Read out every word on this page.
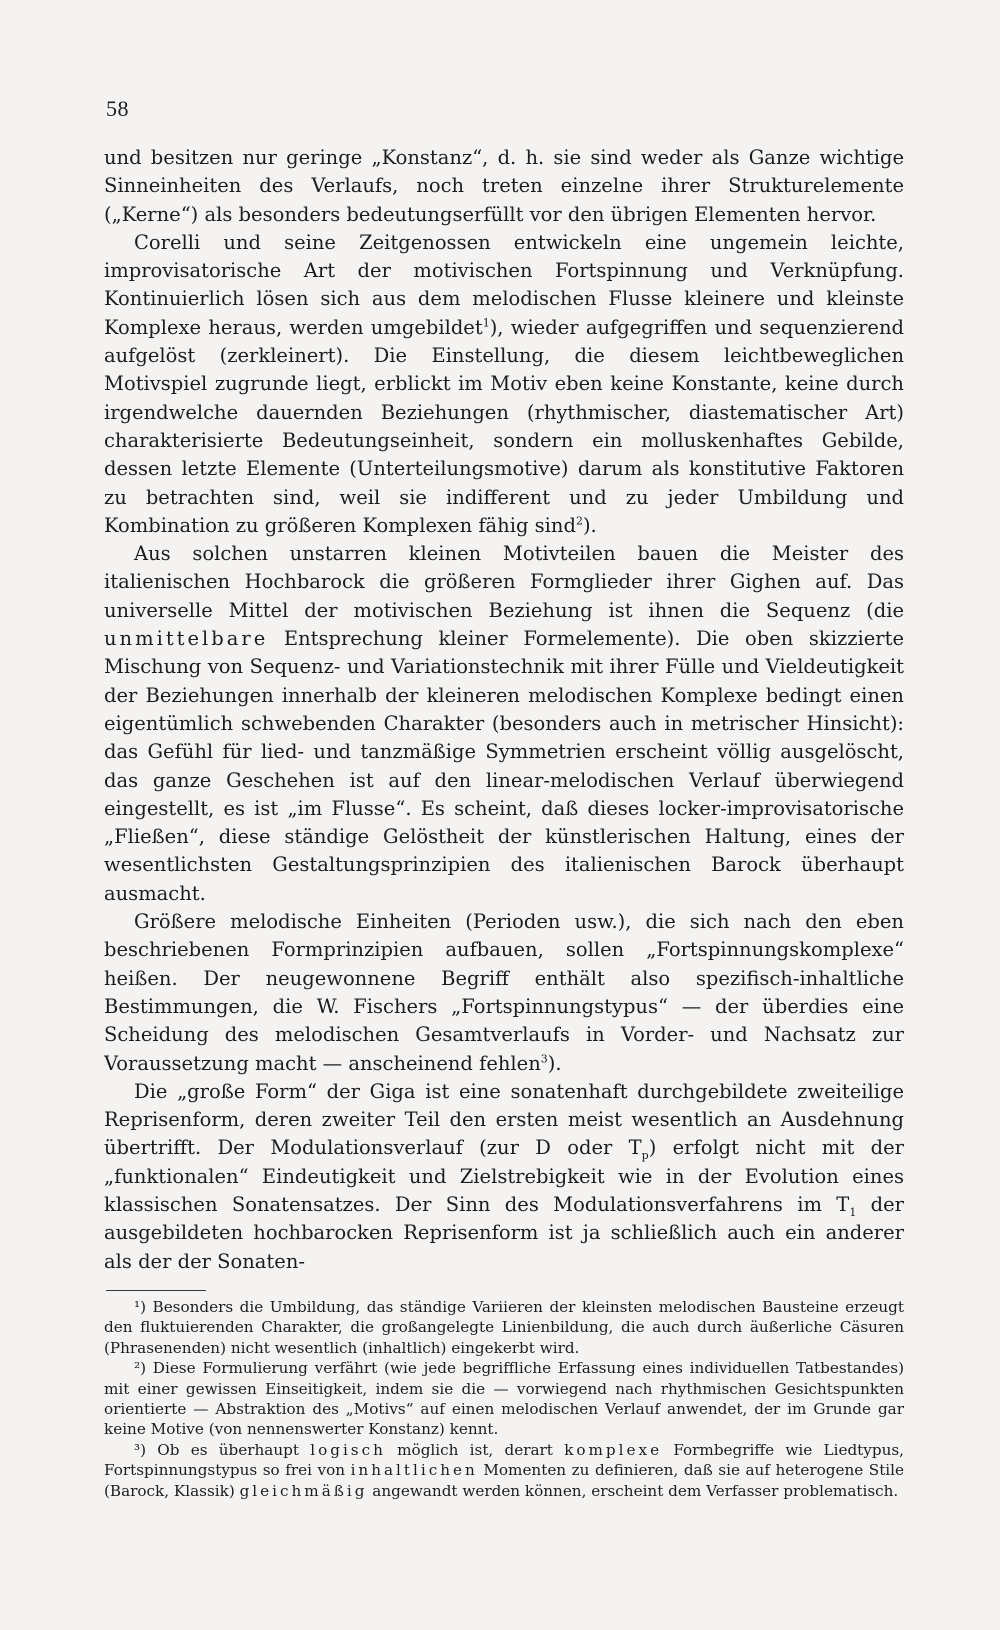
58

und besitzen nur geringe „Konstanz“, d. h. sie sind weder als Ganze wichtige Sinneinheiten des Verlaufs, noch treten einzelne ihrer Strukturelemente („Kerne“) als besonders bedeutungserfüllt vor den übrigen Elementen hervor.

Corelli und seine Zeitgenossen entwickeln eine ungemein leichte, improvisatorische Art der motivischen Fortspinnung und Verknüpfung. Kontinuierlich lösen sich aus dem melodischen Flusse kleinere und kleinste Komplexe heraus, werden umgebildet$^1$), wieder aufgegriffen und sequenzierend aufgelöst (zerkleinert). Die Einstellung, die diesem leichtbeweglichen Motivspiel zugrunde liegt, erblickt im Motiv eben keine Konstante, keine durch irgendwelche dauernden Beziehungen (rhythmischer, diastematischer Art) charakterisierte Bedeutungseinheit, sondern ein molluskenhaftes Gebilde, dessen letzte Elemente (Unterteilungsmotive) darum als konstitutive Faktoren zu betrachten sind, weil sie indifferent und zu jeder Umbildung und Kombination zu größeren Komplexen fähig sind$^2$).

Aus solchen unstarren kleinen Motivteilen bauen die Meister des italienischen Hochbarock die größeren Formglieder ihrer Gighen auf. Das universelle Mittel der motivischen Beziehung ist ihnen die Sequenz (die unmittelbare Entsprechung kleiner Formelemente). Die oben skizzierte Mischung von Sequenz- und Variationstechnik mit ihrer Fülle und Vieldeutigkeit der Beziehungen innerhalb der kleineren melodischen Komplexe bedingt einen eigentümlich schwebenden Charakter (besonders auch in metrischer Hinsicht): das Gefühl für lied- und tanzmäßige Symmetrien erscheint völlig ausgelöscht, das ganze Geschehen ist auf den linear-melodischen Verlauf überwiegend eingestellt, es ist „im Flusse“. Es scheint, daß dieses locker-improvisatorische „Fließen“, diese ständige Gelöstheit der künstlerischen Haltung, eines der wesentlichsten Gestaltungsprinzipien des italienischen Barock überhaupt ausmacht.

Größere melodische Einheiten (Perioden usw.), die sich nach den eben beschriebenen Formprinzipien aufbauen, sollen „Fortspinnungskomplexe“ heißen. Der neugewonnene Begriff enthält also spezifisch-inhaltliche Bestimmungen, die W. Fischers „Fortspinnungstypus“ — der überdies eine Scheidung des melodischen Gesamtverlaufs in Vorder- und Nachsatz zur Voraussetzung macht — anscheinend fehlen$^3$).

Die „große Form“ der Giga ist eine sonatenhaft durchgebildete zweiteilige Reprisenform, deren zweiter Teil den ersten meist wesentlich an Ausdehnung übertrifft. Der Modulationsverlauf (zur D oder $T_p$) erfolgt nicht mit der „funktionalen“ Eindeutigkeit und Zielstrebigkeit wie in der Evolution eines klassischen Sonatensatzes. Der Sinn des Modulationsverfahrens im $T_1$ der ausgebildeten hochbarocken Reprisenform ist ja schließlich auch ein anderer als der der Sonaten-

¹) Besonders die Umbildung, das ständige Variieren der kleinsten melodischen Bausteine erzeugt den fluktuierenden Charakter, die großangelegte Linienbildung, die auch durch äußerliche Cäsuren (Phrasenenden) nicht wesentlich (inhaltlich) eingekerbt wird.

²) Diese Formulierung verfährt (wie jede begriffliche Erfassung eines individuellen Tatbestandes) mit einer gewissen Einseitigkeit, indem sie die — vorwiegend nach rhythmischen Gesichtspunkten orientierte — Abstraktion des „Motivs“ auf einen melodischen Verlauf anwendet, der im Grunde gar keine Motive (von nennenswerter Konstanz) kennt.

³) Ob es überhaupt logisch möglich ist, derart komplexe Formbegriffe wie Liedtypus, Fortspinnungstypus so frei von inhaltlichen Momenten zu definieren, daß sie auf heterogene Stile (Barock, Klassik) gleichmäßig angewandt werden können, erscheint dem Verfasser problematisch.
